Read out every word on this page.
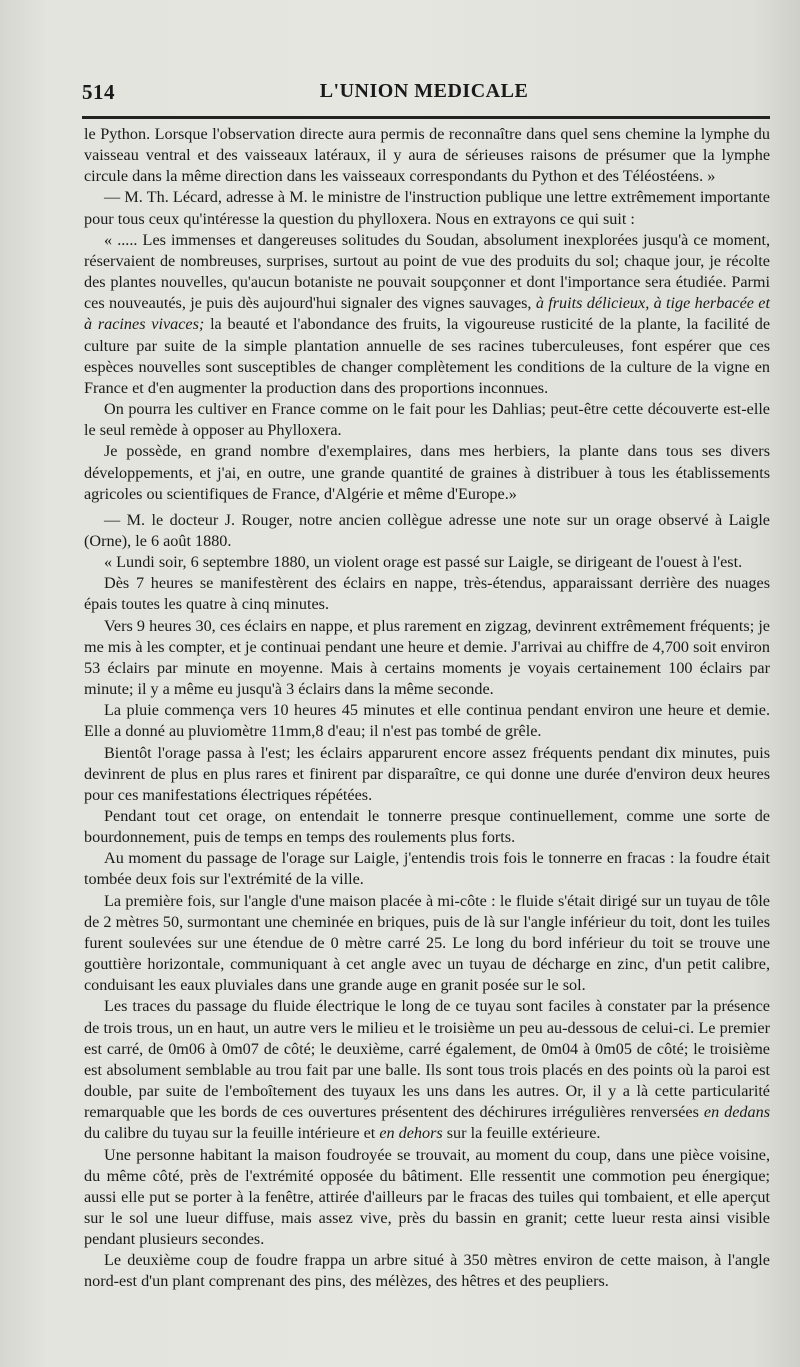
514	L'UNION MEDICALE

le Python. Lorsque l'observation directe aura permis de reconnaître dans quel sens chemine la lymphe du vaisseau ventral et des vaisseaux latéraux, il y aura de sérieuses raisons de présumer que la lymphe circule dans la même direction dans les vaisseaux correspondants du Python et des Téléostéens. »

— M. Th. Lécard, adresse à M. le ministre de l'instruction publique une lettre extrêmement importante pour tous ceux qu'intéresse la question du phylloxera. Nous en extrayons ce qui suit :

« ..... Les immenses et dangereuses solitudes du Soudan, absolument inexplorées jusqu'à ce moment, réservaient de nombreuses, surprises, surtout au point de vue des produits du sol; chaque jour, je récolte des plantes nouvelles, qu'aucun botaniste ne pouvait soupçonner et dont l'importance sera étudiée. Parmi ces nouveautés, je puis dès aujourd'hui signaler des vignes sauvages, à fruits délicieux, à tige herbacée et à racines vivaces; la beauté et l'abondance des fruits, la vigoureuse rusticité de la plante, la facilité de culture par suite de la simple plantation annuelle de ses racines tuberculeuses, font espérer que ces espèces nouvelles sont susceptibles de changer complètement les conditions de la culture de la vigne en France et d'en augmenter la production dans des proportions inconnues.

On pourra les cultiver en France comme on le fait pour les Dahlias; peut-être cette découverte est-elle le seul remède à opposer au Phylloxera.

Je possède, en grand nombre d'exemplaires, dans mes herbiers, la plante dans tous ses divers développements, et j'ai, en outre, une grande quantité de graines à distribuer à tous les établissements agricoles ou scientifiques de France, d'Algérie et même d'Europe.»

— M. le docteur J. Rouger, notre ancien collègue adresse une note sur un orage observé à Laigle (Orne), le 6 août 1880.

« Lundi soir, 6 septembre 1880, un violent orage est passé sur Laigle, se dirigeant de l'ouest à l'est.

Dès 7 heures se manifestèrent des éclairs en nappe, très-étendus, apparaissant derrière des nuages épais toutes les quatre à cinq minutes.

Vers 9 heures 30, ces éclairs en nappe, et plus rarement en zigzag, devinrent extrêmement fréquents; je me mis à les compter, et je continuai pendant une heure et demie. J'arrivai au chiffre de 4,700 soit environ 53 éclairs par minute en moyenne. Mais à certains moments je voyais certainement 100 éclairs par minute; il y a même eu jusqu'à 3 éclairs dans la même seconde.

La pluie commença vers 10 heures 45 minutes et elle continua pendant environ une heure et demie. Elle a donné au pluviomètre 11mm,8 d'eau; il n'est pas tombé de grêle.

Bientôt l'orage passa à l'est; les éclairs apparurent encore assez fréquents pendant dix minutes, puis devinrent de plus en plus rares et finirent par disparaître, ce qui donne une durée d'environ deux heures pour ces manifestations électriques répétées.

Pendant tout cet orage, on entendait le tonnerre presque continuellement, comme une sorte de bourdonnement, puis de temps en temps des roulements plus forts.

Au moment du passage de l'orage sur Laigle, j'entendis trois fois le tonnerre en fracas : la foudre était tombée deux fois sur l'extrémité de la ville.

La première fois, sur l'angle d'une maison placée à mi-côte : le fluide s'était dirigé sur un tuyau de tôle de 2 mètres 50, surmontant une cheminée en briques, puis de là sur l'angle inférieur du toit, dont les tuiles furent soulevées sur une étendue de 0 mètre carré 25. Le long du bord inférieur du toit se trouve une gouttière horizontale, communiquant à cet angle avec un tuyau de décharge en zinc, d'un petit calibre, conduisant les eaux pluviales dans une grande auge en granit posée sur le sol.

Les traces du passage du fluide électrique le long de ce tuyau sont faciles à constater par la présence de trois trous, un en haut, un autre vers le milieu et le troisième un peu au-dessous de celui-ci. Le premier est carré, de 0m06 à 0m07 de côté; le deuxième, carré également, de 0m04 à 0m05 de côté; le troisième est absolument semblable au trou fait par une balle. Ils sont tous trois placés en des points où la paroi est double, par suite de l'emboîtement des tuyaux les uns dans les autres. Or, il y a là cette particularité remarquable que les bords de ces ouvertures présentent des déchirures irrégulières renversées en dedans du calibre du tuyau sur la feuille intérieure et en dehors sur la feuille extérieure.

Une personne habitant la maison foudroyée se trouvait, au moment du coup, dans une pièce voisine, du même côté, près de l'extrémité opposée du bâtiment. Elle ressentit une commotion peu énergique; aussi elle put se porter à la fenêtre, attirée d'ailleurs par le fracas des tuiles qui tombaient, et elle aperçut sur le sol une lueur diffuse, mais assez vive, près du bassin en granit; cette lueur resta ainsi visible pendant plusieurs secondes.

Le deuxième coup de foudre frappa un arbre situé à 350 mètres environ de cette maison, à l'angle nord-est d'un plant comprenant des pins, des mélèzes, des hêtres et des peupliers.
